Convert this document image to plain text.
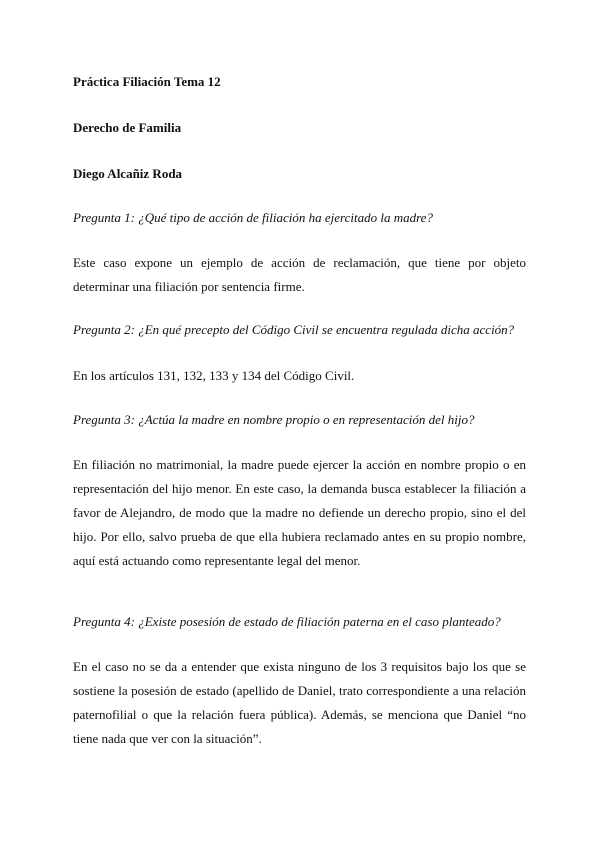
Práctica Filiación Tema 12

Derecho de Familia

Diego Alcañiz Roda

Pregunta 1: ¿Qué tipo de acción de filiación ha ejercitado la madre?

Este caso expone un ejemplo de acción de reclamación, que tiene por objeto determinar una filiación por sentencia firme.

Pregunta 2: ¿En qué precepto del Código Civil se encuentra regulada dicha acción?

En los artículos 131, 132, 133 y 134 del Código Civil.

Pregunta 3: ¿Actúa la madre en nombre propio o en representación del hijo?

En filiación no matrimonial, la madre puede ejercer la acción en nombre propio o en representación del hijo menor. En este caso, la demanda busca establecer la filiación a favor de Alejandro, de modo que la madre no defiende un derecho propio, sino el del hijo. Por ello, salvo prueba de que ella hubiera reclamado antes en su propio nombre, aquí está actuando como representante legal del menor.

Pregunta 4: ¿Existe posesión de estado de filiación paterna en el caso planteado?

En el caso no se da a entender que exista ninguno de los 3 requisitos bajo los que se sostiene la posesión de estado (apellido de Daniel, trato correspondiente a una relación paternofilial o que la relación fuera pública). Además, se menciona que Daniel “no tiene nada que ver con la situación”.
